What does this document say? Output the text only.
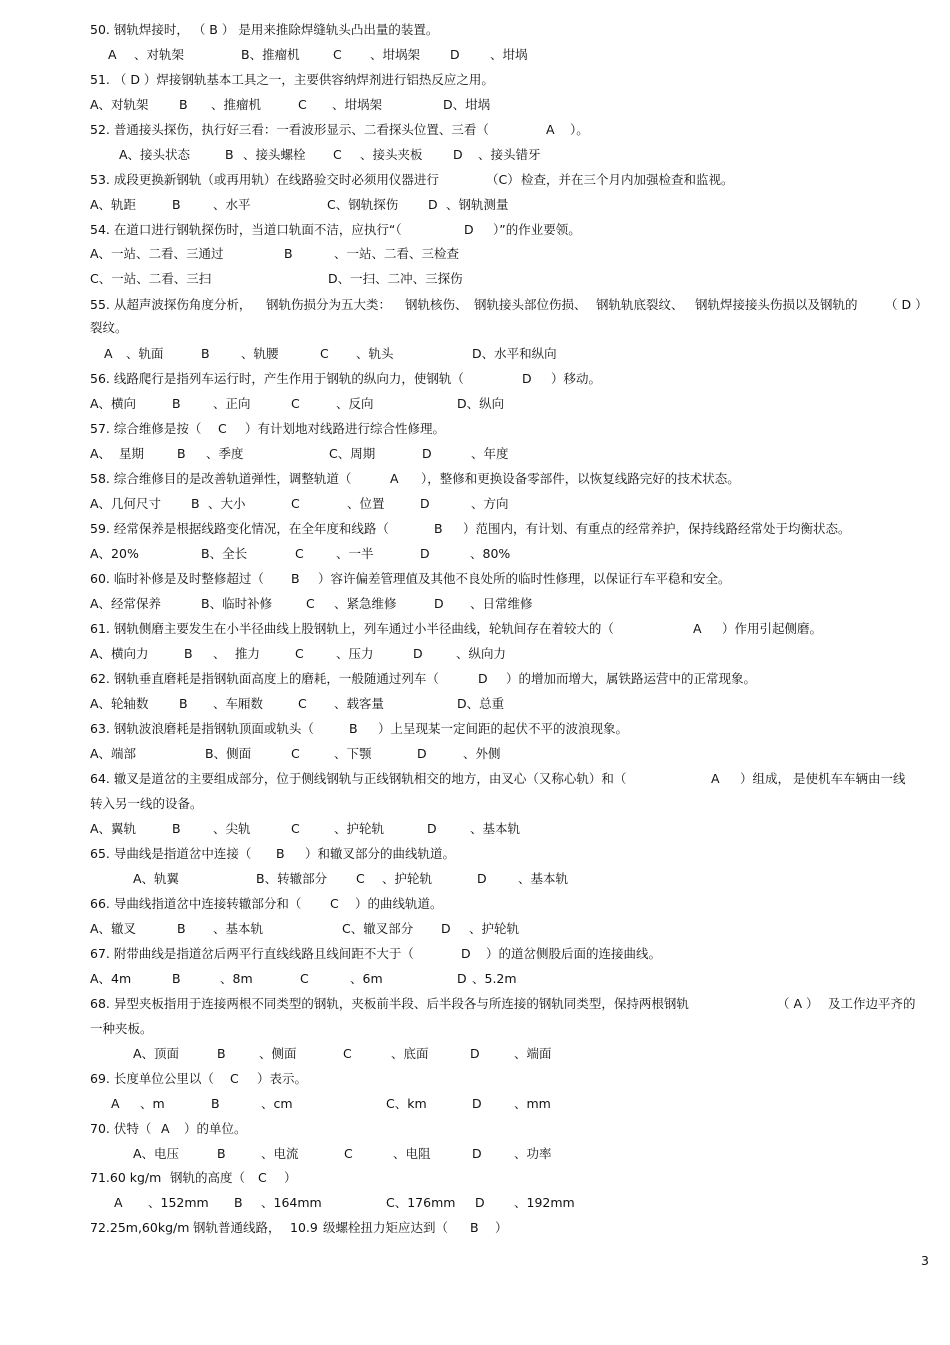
50. 钢轨焊接时， （ B ） 是用来推除焊缝轨头凸出量的装置。
A 、对轨架	B、推瘤机	C 、坩埚架 D 、坩埚
51. （ D ）焊接钢轨基本工具之一，主要供容纳焊剂进行铝热反应之用。
A、对轨架 B 、推瘤机	C 、坩埚架	D、坩埚
52. 普通接头探伤，执行好三看：一看波形显示、二看探头位置、三看（	A ）。
A、接头状态	B 、接头螺栓 C 、接头夹板 D 、接头错牙
53. 成段更换新钢轨（或再用轨）在线路验交时必须用仪器进行	（C） 检查，并在三个月内加强检查和监视。
A、轨距	B	、水平	C、钢轨探伤 D 、钢轨测量
54. 在道口进行钢轨探伤时，当道口轨面不洁，应执行“（	D ）”的作业要领。
A、一站、二看、三通过	B	、一站、二看、三检查
C、一站、二看、三扫	D、一扫、二冲、三探伤
55. 从超声波探伤角度分析， 钢轨伤损分为五大类： 钢轨核伤、 钢轨接头部位伤损、 钢轨轨底裂纹、 钢轨焊接接头伤损以及钢轨的 （ D ）
裂纹。
A 、轨面	B	、轨腰	C 、轨头	D、水平和纵向
56. 线路爬行是指列车运行时，产生作用于钢轨的纵向力，使钢轨（	D ）移动。
A、横向	B	、正向	C	、反向	D、纵向
57. 综合维修是按（ C ）有计划地对线路进行综合性修理。
A、 星期	B 、季度	C、周期	D	、年度
58. 综合维修目的是改善轨道弹性，调整轨道（	A ），整修和更换设备零部件，以恢复线路完好的技术状态。
A、几何尺寸 B 、大小	C	、位置	D	、方向
59. 经常保养是根据线路变化情况，在全年度和线路（	B ）范围内，有计划、有重点的经常养护，保持线路经常处于均衡状态。
A、20%	B、全长	C	、一半	D	、80%
60. 临时补修是及时整修超过（ B ）容许偏差管理值及其他不良处所的临时性修理，以保证行车平稳和安全。
A、经常保养	B、临时补修	C 、紧急维修	D 、日常维修
61. 钢轨侧磨主要发生在小半径曲线上股钢轨上，列车通过小半径曲线，轮轨间存在着较大的（	A ）作用引起侧磨。
A、横向力	B 、 推力	C	、压力	D	、纵向力
62. 钢轨垂直磨耗是指钢轨面高度上的磨耗，一般随通过列车（	D ）的增加而增大，属铁路运营中的正常现象。
A、轮轴数 B 、车厢数	C 、载客量	D、总重
63. 钢轨波浪磨耗是指钢轨顶面或轨头（	B ）上呈现某一定间距的起伏不平的波浪现象。
A、端部	B、侧面	C	、下颚	D	、外侧
64. 辙叉是道岔的主要组成部分，位于侧线钢轨与正线钢轨相交的地方，由叉心（又称心轨）和（	A ）组成， 是使机车车辆由一线
转入另一线的设备。
A、翼轨	B	、尖轨	C	、护轮轨	D	、基本轨
65. 导曲线是指道岔中连接（ B ）和辙叉部分的曲线轨道。
A、轨翼	B、转辙部分 C 、护轮轨	D	、基本轨
66. 导曲线指道岔中连接转辙部分和（ C ）的曲线轨道。
A、辙叉	B 、基本轨	C、辙叉部分 D 、护轮轨
67. 附带曲线是指道岔后两平行直线线路且线间距不大于（	D ）的道岔侧股后面的连接曲线。
A、4m	B	、8m	C	、6m	D 、5.2m
68. 异型夹板指用于连接两根不同类型的钢轨，夹板前半段、后半段各与所连接的钢轨同类型，保持两根钢轨	（ A ） 及工作边平齐的
一种夹板。
A、顶面	B	、侧面	C	、底面	D	、端面
69. 长度单位公里以（ C ）表示。
A 、m	B	、cm	C、km	D	、mm
70. 伏特（ A ）的单位。
A、电压	B	、电流	C	、电阻	D	、功率
71.60 kg/m 钢轨的高度（ C ）
A 、152mm B 、164mm	C、176mm D 、192mm
72.25m,60kg/m 钢轨普通线路， 10.9 级螺栓扭力矩应达到（ B ）
3
